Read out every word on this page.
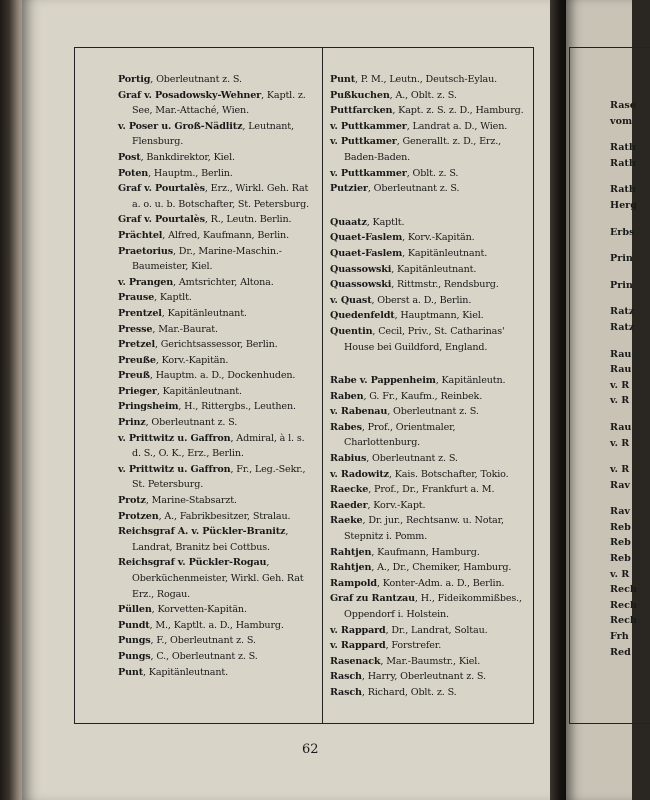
Portig, Oberleutnant z. S.

Graf v. Posadowsky-Wehner, Kaptl. z. See, Mar.-Attaché, Wien.

v. Poser u. Groß-Nädlitz, Leutnant, Flensburg.

Post, Bankdirektor, Kiel.

Poten, Hauptm., Berlin.

Graf v. Pourtalès, Erz., Wirkl. Geh. Rat a. o. u. b. Botschafter, St. Petersburg.

Graf v. Pourtalès, R., Leutn. Berlin.

Prächtel, Alfred, Kaufmann, Berlin.

Praetorius, Dr., Marine-Maschin.-Baumeister, Kiel.

v. Prangen, Amtsrichter, Altona.

Prause, Kaptlt.

Prentzel, Kapitänleutnant.

Presse, Mar.-Baurat.

Pretzel, Gerichtsassessor, Berlin.

Preuße, Korv.-Kapitän.

Preuß, Hauptm. a. D., Dockenhuden.

Prieger, Kapitänleutnant.

Pringsheim, H., Rittergbs., Leuthen.

Prinz, Oberleutnant z. S.

v. Prittwitz u. Gaffron, Admiral, à l. s. d. S., O. K., Erz., Berlin.

v. Prittwitz u. Gaffron, Fr., Leg.-Sekr., St. Petersburg.

Protz, Marine-Stabsarzt.

Protzen, A., Fabrikbesitzer, Stralau.

Reichsgraf A. v. Pückler-Branitz, Landrat, Branitz bei Cottbus.

Reichsgraf v. Pückler-Rogau, Oberküchenmeister, Wirkl. Geh. Rat Erz., Rogau.

Püllen, Korvetten-Kapitän.

Pundt, M., Kaptlt. a. D., Hamburg.

Pungs, F., Oberleutnant z. S.

Pungs, C., Oberleutnant z. S.

Punt, Kapitänleutnant.

Punt, P. M., Leutn., Deutsch-Eylau.

Pußkuchen, A., Oblt. z. S.

Puttfarcken, Kapt. z. S. z. D., Hamburg.

v. Puttkammer, Landrat a. D., Wien.

v. Puttkamer, Generallt. z. D., Erz., Baden-Baden.

v. Puttkammer, Oblt. z. S.

Putzier, Oberleutnant z. S.

Quaatz, Kaptlt.

Quaet-Faslem, Korv.-Kapitän.

Quaet-Faslem, Kapitänleutnant.

Quassowski, Kapitänleutnant.

Quassowski, Rittmstr., Rendsburg.

v. Quast, Oberst a. D., Berlin.

Quedenfeldt, Hauptmann, Kiel.

Quentin, Cecil, Priv., St. Catharinas' House bei Guildford, England.

Rabe v. Pappenheim, Kapitänleutn.

Raben, G. Fr., Kaufm., Reinbek.

v. Rabenau, Oberleutnant z. S.

Rabes, Prof., Orientmaler, Charlottenburg.

Rabius, Oberleutnant z. S.

v. Radowitz, Kais. Botschafter, Tokio.

Raecke, Prof., Dr., Frankfurt a. M.

Raeder, Korv.-Kapt.

Raeke, Dr. jur., Rechtsanw. u. Notar, Stepnitz i. Pomm.

Rahtjen, Kaufmann, Hamburg.

Rahtjen, A., Dr., Chemiker, Hamburg.

Rampold, Konter-Adm. a. D., Berlin.

Graf zu Rantzau, H., Fideikommißbes., Oppendorf i. Holstein.

v. Rappard, Dr., Landrat, Soltau.

v. Rappard, Forstrefer.

Rasenack, Mar.-Baumstr., Kiel.

Rasch, Harry, Oberleutnant z. S.

Rasch, Richard, Oblt. z. S.

62
Rase
vom
Rath
Rath
Rath
Herg
Erbs
Prin
Prin
Ratz
Ratz
Rau
Rau
v. R
v. R
Rau
v. R
v. R
Rav
Rav
Reb
Reb
Reb
v. R
Rech
Rech
Rech
Frh
Red
